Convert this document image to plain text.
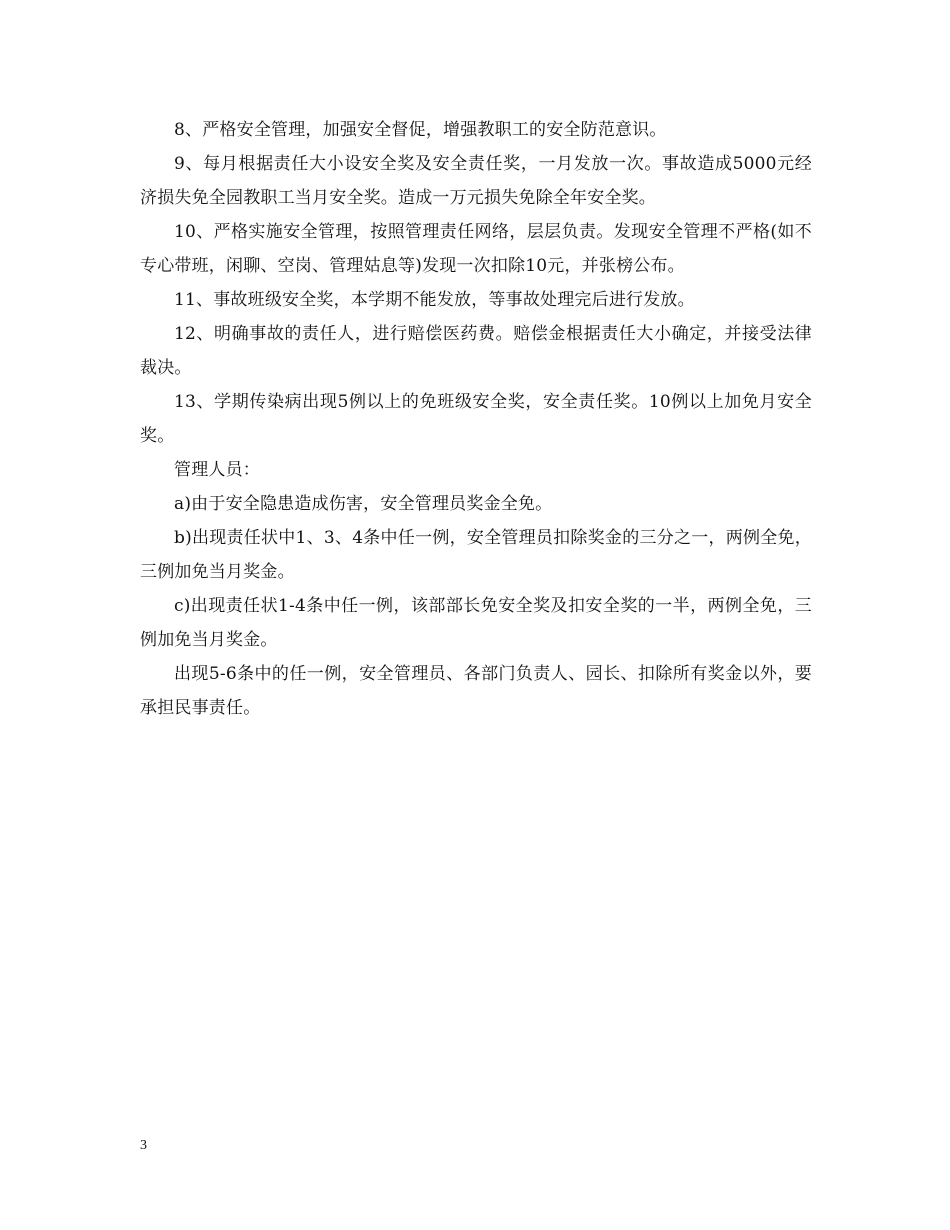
8、严格安全管理，加强安全督促，增强教职工的安全防范意识。

9、每月根据责任大小设安全奖及安全责任奖，一月发放一次。事故造成5000元经济损失免全园教职工当月安全奖。造成一万元损失免除全年安全奖。

10、严格实施安全管理，按照管理责任网络，层层负责。发现安全管理不严格(如不专心带班，闲聊、空岗、管理姑息等)发现一次扣除10元，并张榜公布。

11、事故班级安全奖，本学期不能发放，等事故处理完后进行发放。

12、明确事故的责任人，进行赔偿医药费。赔偿金根据责任大小确定，并接受法律裁决。

13、学期传染病出现5例以上的免班级安全奖，安全责任奖。10例以上加免月安全奖。

管理人员：

a)由于安全隐患造成伤害，安全管理员奖金全免。

b)出现责任状中1、3、4条中任一例，安全管理员扣除奖金的三分之一，两例全免，三例加免当月奖金。

c)出现责任状1-4条中任一例，该部部长免安全奖及扣安全奖的一半，两例全免，三例加免当月奖金。

出现5-6条中的任一例，安全管理员、各部门负责人、园长、扣除所有奖金以外，要承担民事责任。

3
